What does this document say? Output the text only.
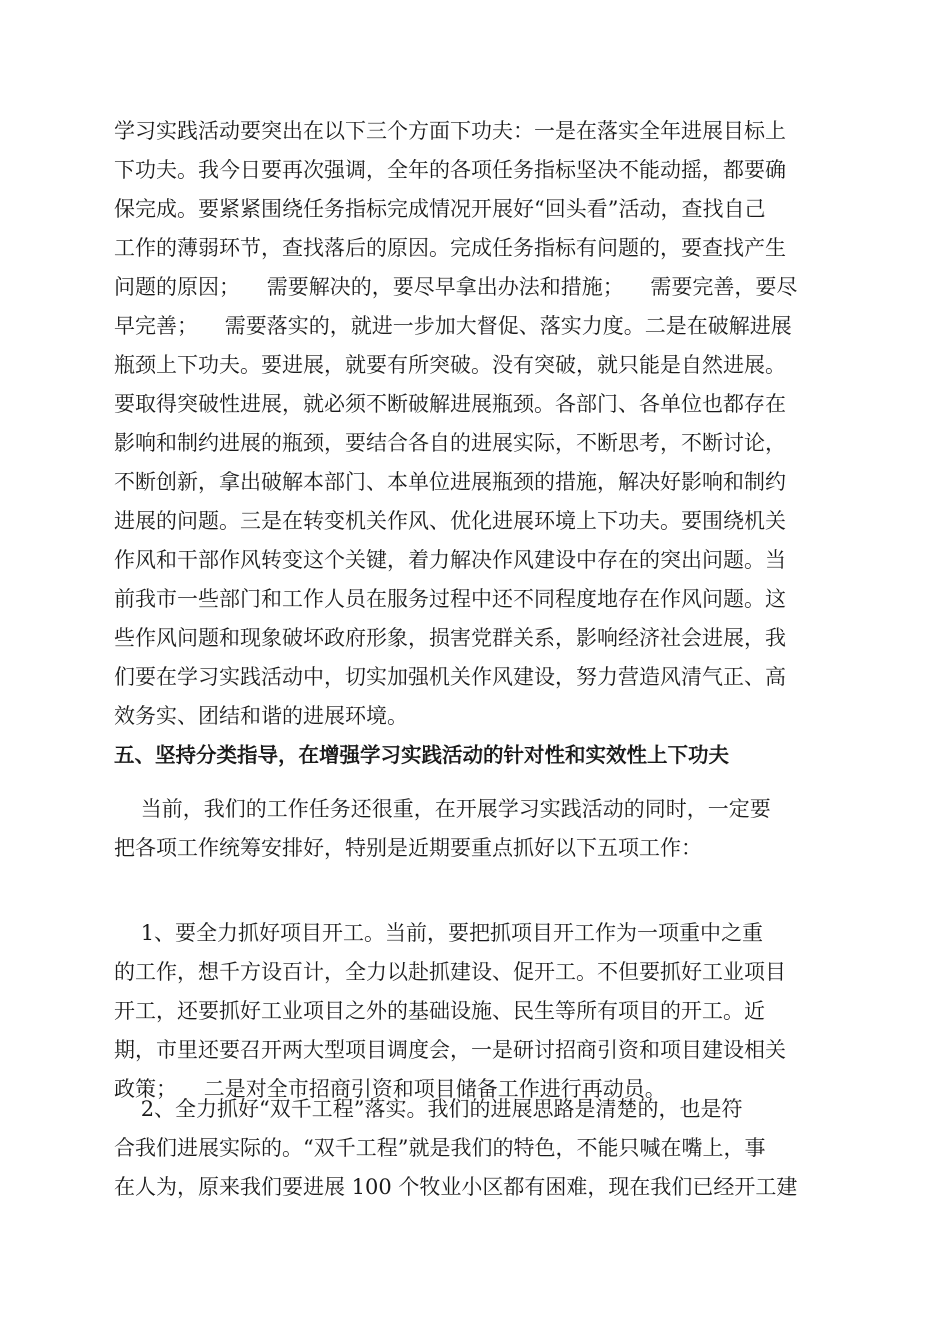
学习实践活动要突出在以下三个方面下功夫：一是在落实全年进展目标上
下功夫。我今日要再次强调，全年的各项任务指标坚决不能动摇，都要确
保完成。要紧紧围绕任务指标完成情况开展好“回头看”活动，查找自己
工作的薄弱环节，查找落后的原因。完成任务指标有问题的，要查找产生
问题的原因；    需要解决的，要尽早拿出办法和措施；    需要完善，要尽
早完善；    需要落实的，就进一步加大督促、落实力度。二是在破解进展
瓶颈上下功夫。要进展，就要有所突破。没有突破，就只能是自然进展。
要取得突破性进展，就必须不断破解进展瓶颈。各部门、各单位也都存在
影响和制约进展的瓶颈，要结合各自的进展实际，不断思考，不断讨论，
不断创新，拿出破解本部门、本单位进展瓶颈的措施，解决好影响和制约
进展的问题。三是在转变机关作风、优化进展环境上下功夫。要围绕机关
作风和干部作风转变这个关键，着力解决作风建设中存在的突出问题。当
前我市一些部门和工作人员在服务过程中还不同程度地存在作风问题。这
些作风问题和现象破坏政府形象，损害党群关系，影响经济社会进展，我
们要在学习实践活动中，切实加强机关作风建设，努力营造风清气正、高
效务实、团结和谐的进展环境。
五、坚持分类指导，在增强学习实践活动的针对性和实效性上下功夫
当前，我们的工作任务还很重，在开展学习实践活动的同时，一定要
把各项工作统筹安排好，特别是近期要重点抓好以下五项工作：
1、要全力抓好项目开工。当前，要把抓项目开工作为一项重中之重
的工作，想千方设百计，全力以赴抓建设、促开工。不但要抓好工业项目
开工，还要抓好工业项目之外的基础设施、民生等所有项目的开工。近
期，市里还要召开两大型项目调度会，一是研讨招商引资和项目建设相关
政策；    二是对全市招商引资和项目储备工作进行再动员。
2、全力抓好“双千工程”落实。我们的进展思路是清楚的，也是符
合我们进展实际的。“双千工程”就是我们的特色，不能只喊在嘴上，事
在人为，原来我们要进展 100 个牧业小区都有困难，现在我们已经开工建
